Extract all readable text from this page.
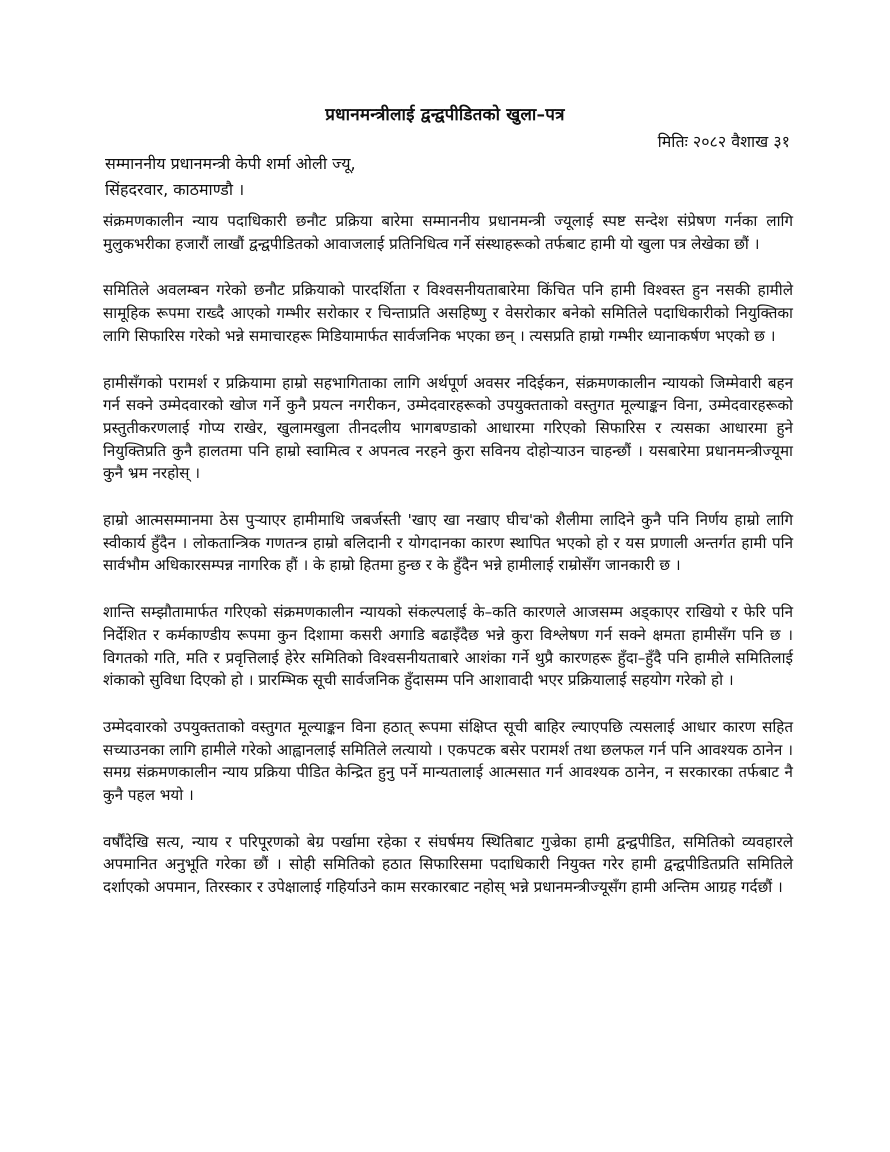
प्रधानमन्त्रीलाई द्वन्द्वपीडितको खुला–पत्र

मितिः २०८२ वैशाख ३१

सम्माननीय प्रधानमन्त्री केपी शर्मा ओली ज्यू,
सिंहदरवार, काठमाण्डौ ।

संक्रमणकालीन न्याय पदाधिकारी छनौट प्रक्रिया बारेमा सम्माननीय प्रधानमन्त्री ज्यूलाई स्पष्ट सन्देश संप्रेषण गर्नका लागि मुलुकभरीका हजारौं लाखौं द्वन्द्वपीडितको आवाजलाई प्रतिनिधित्व गर्ने संस्थाहरूको तर्फबाट हामी यो खुला पत्र लेखेका छौं ।

समितिले अवलम्बन गरेको छनौट प्रक्रियाको पारदर्शिता र विश्वसनीयताबारेमा किंचित पनि हामी विश्वस्त हुन नसकी हामीले सामूहिक रूपमा राख्दै आएको गम्भीर सरोकार र चिन्ताप्रति असहिष्णु र वेसरोकार बनेको समितिले पदाधिकारीको नियुक्तिका लागि सिफारिस गरेको भन्ने समाचारहरू मिडियामार्फत सार्वजनिक भएका छन् । त्यसप्रति हाम्रो गम्भीर ध्यानाकर्षण भएको छ ।

हामीसँगको परामर्श र प्रक्रियामा हाम्रो सहभागिताका लागि अर्थपूर्ण अवसर नदिईकन, संक्रमणकालीन न्यायको जिम्मेवारी बहन गर्न सक्ने उम्मेदवारको खोज गर्ने कुनै प्रयत्न नगरीकन, उम्मेदवारहरूको उपयुक्तताको वस्तुगत मूल्याङ्कन विना, उम्मेदवारहरूको प्रस्तुतीकरणलाई गोप्य राखेर, खुलामखुला तीनदलीय भागबण्डाको आधारमा गरिएको सिफारिस र त्यसका आधारमा हुने नियुक्तिप्रति कुनै हालतमा पनि हाम्रो स्वामित्व र अपनत्व नरहने कुरा सविनय दोहोऱ्याउन चाहन्छौं । यसबारेमा प्रधानमन्त्रीज्यूमा कुनै भ्रम नरहोस् ।

हाम्रो आत्मसम्मानमा ठेस पुऱ्याएर हामीमाथि जबर्जस्ती 'खाए खा नखाए घीच'को शैलीमा लादिने कुनै पनि निर्णय हाम्रो लागि स्वीकार्य हुँदैन । लोकतान्त्रिक गणतन्त्र हाम्रो बलिदानी र योगदानका कारण स्थापित भएको हो र यस प्रणाली अन्तर्गत हामी पनि सार्वभौम अधिकारसम्पन्न नागरिक हौं । के हाम्रो हितमा हुन्छ र के हुँदैन भन्ने हामीलाई राम्रोसँग जानकारी छ ।

शान्ति सम्झौतामार्फत गरिएको संक्रमणकालीन न्यायको संकल्पलाई के–कति कारणले आजसम्म अड्काएर राखियो र फेरि पनि निर्देशित र कर्मकाण्डीय रूपमा कुन दिशामा कसरी अगाडि बढाइँदैछ भन्ने कुरा विश्लेषण गर्न सक्ने क्षमता हामीसँग पनि छ । विगतको गति, मति र प्रवृत्तिलाई हेरेर समितिको विश्वसनीयताबारे आशंका गर्ने थुप्रै कारणहरू हुँदा–हुँदै पनि हामीले समितिलाई शंकाको सुविधा दिएको हो । प्रारम्भिक सूची सार्वजनिक हुँदासम्म पनि आशावादी भएर प्रक्रियालाई सहयोग गरेको हो ।

उम्मेदवारको उपयुक्तताको वस्तुगत मूल्याङ्कन विना हठात् रूपमा संक्षिप्त सूची बाहिर ल्याएपछि त्यसलाई आधार कारण सहित सच्याउनका लागि हामीले गरेको आह्वानलाई समितिले लत्यायो । एकपटक बसेर परामर्श तथा छलफल गर्न पनि आवश्यक ठानेन । समग्र संक्रमणकालीन न्याय प्रक्रिया पीडित केन्द्रित हुनु पर्ने मान्यतालाई आत्मसात गर्न आवश्यक ठानेन, न सरकारका तर्फबाट नै कुनै पहल भयो ।

वर्षौंदेखि सत्य, न्याय र परिपूरणको बेग्र पर्खामा रहेका र संघर्षमय स्थितिबाट गुज्रेका हामी द्वन्द्वपीडित, समितिको व्यवहारले अपमानित अनुभूति गरेका छौं । सोही समितिको हठात सिफारिसमा पदाधिकारी नियुक्त गरेर हामी द्वन्द्वपीडितप्रति समितिले दर्शाएको अपमान, तिरस्कार र उपेक्षालाई गहिर्याउने काम सरकारबाट नहोस् भन्ने प्रधानमन्त्रीज्यूसँग हामी अन्तिम आग्रह गर्दछौं ।
